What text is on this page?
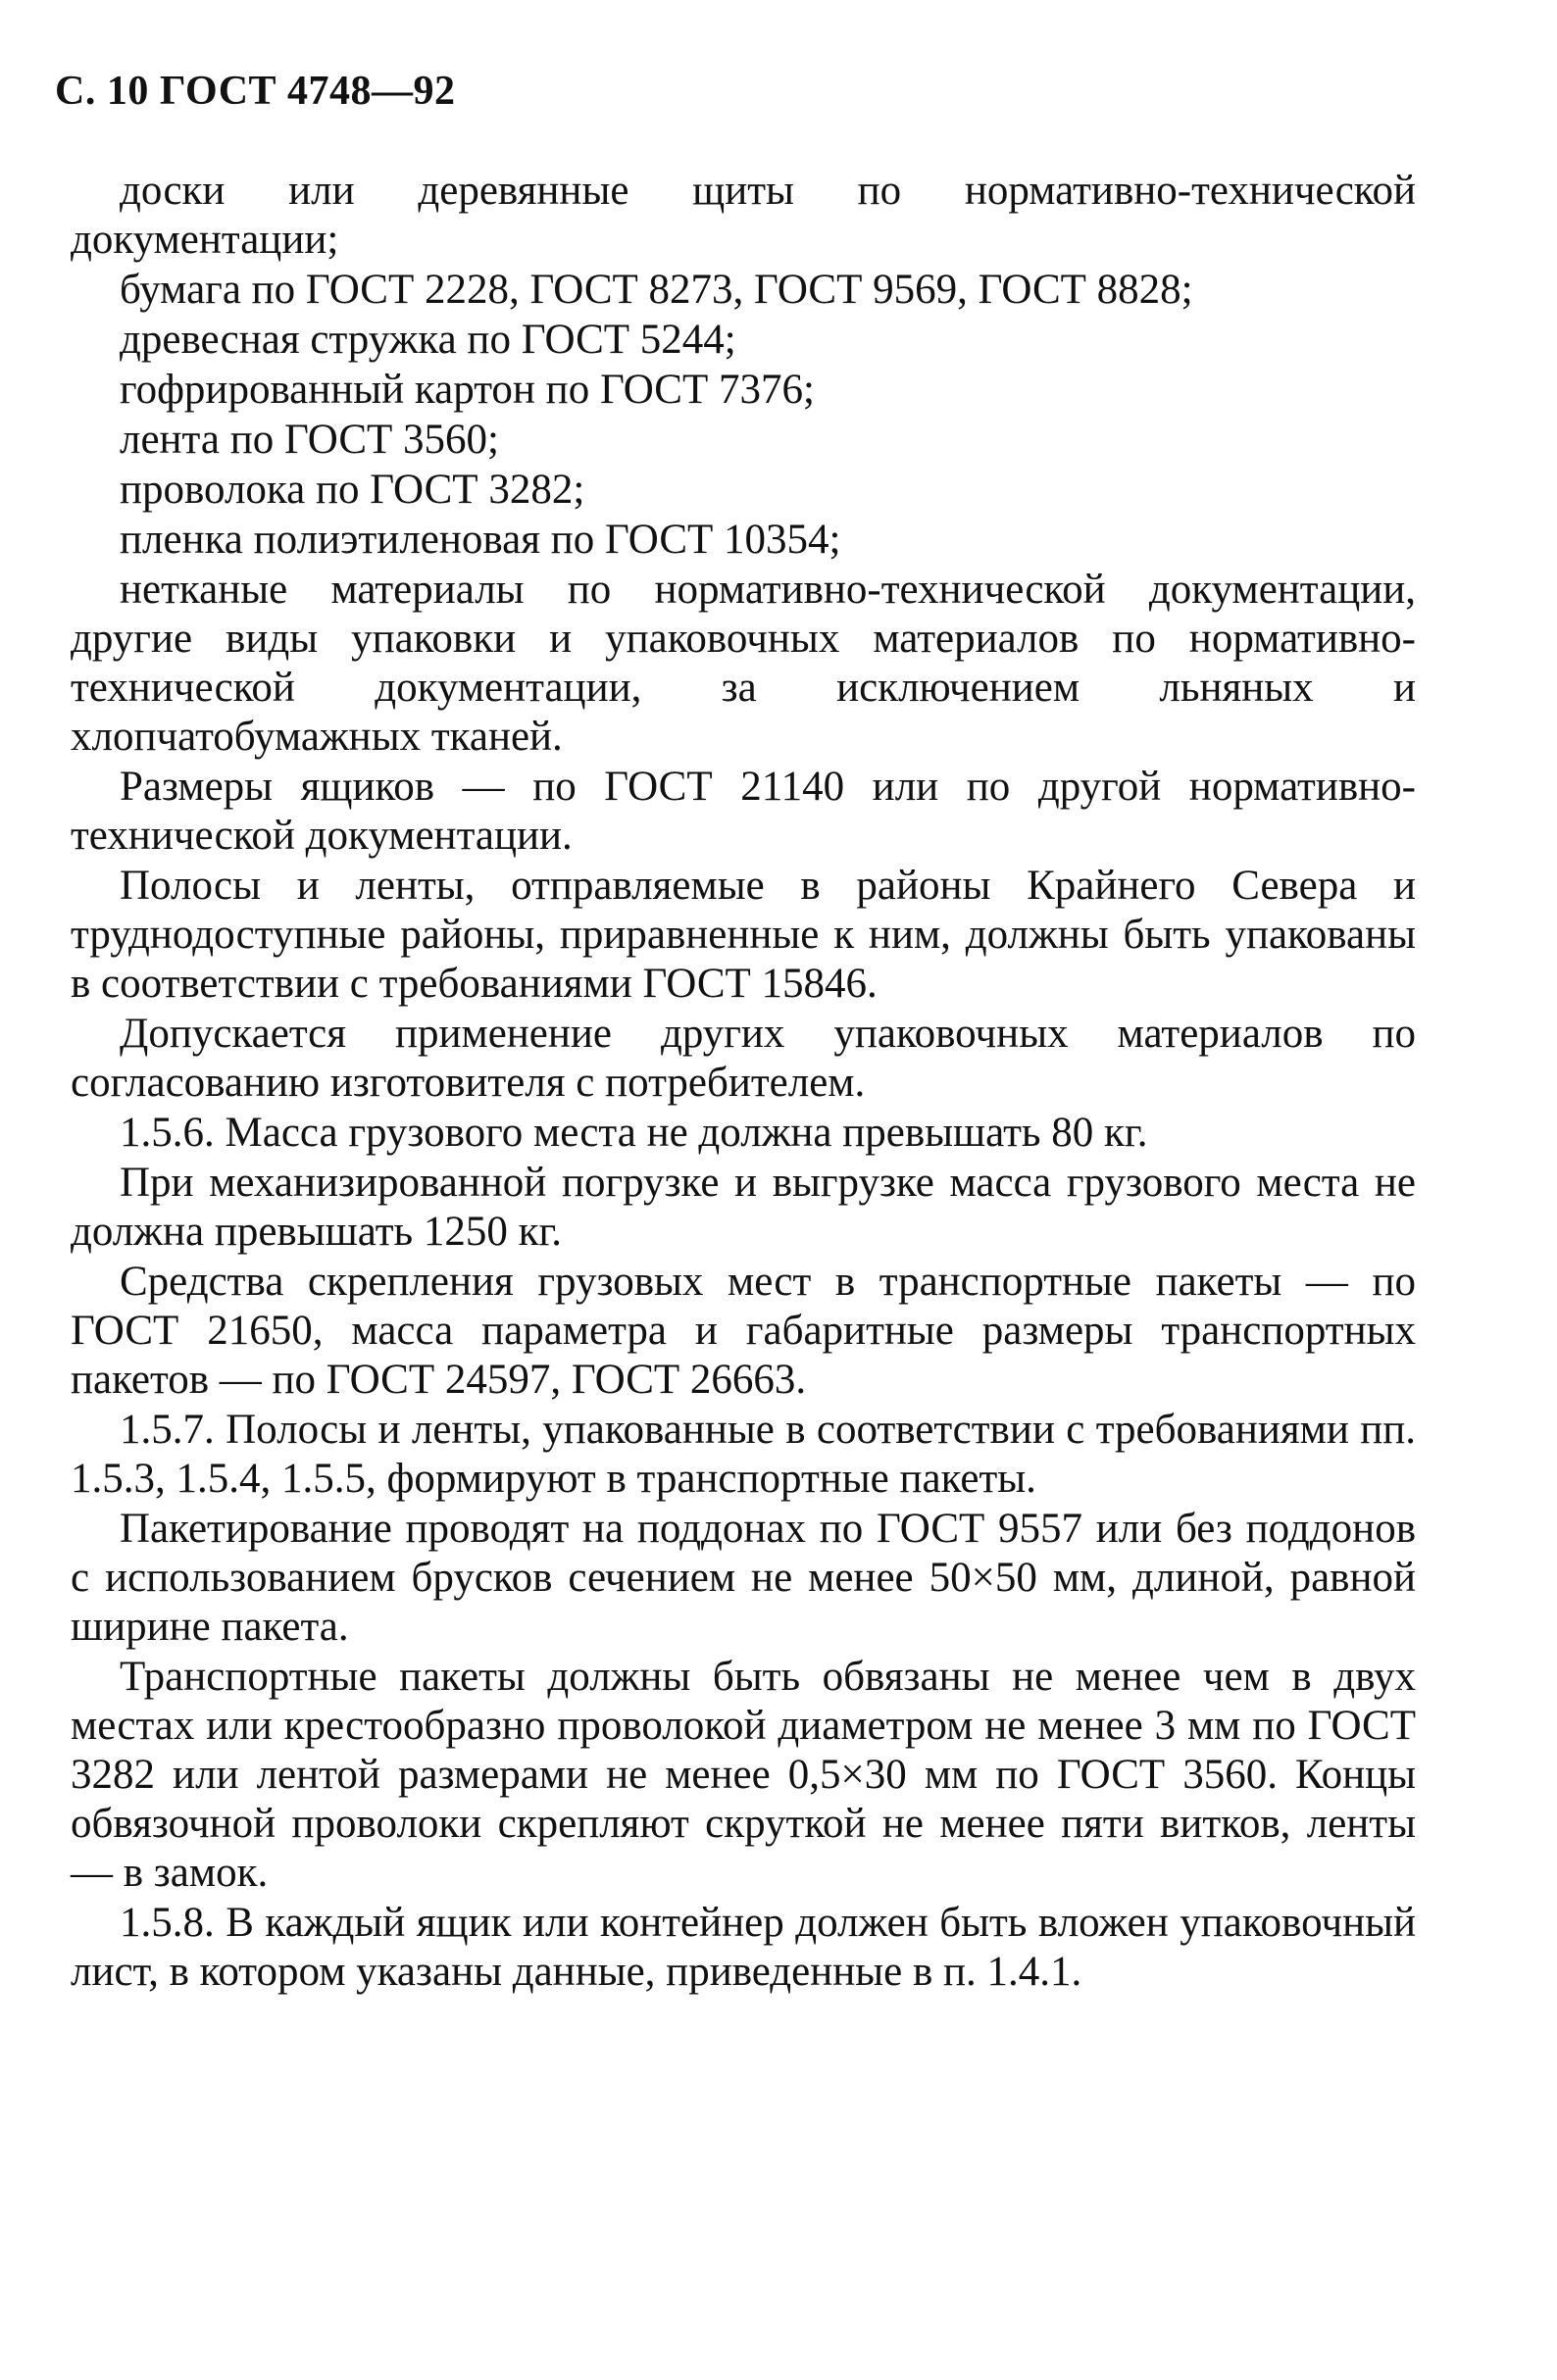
С. 10 ГОСТ 4748—92

доски или деревянные щиты по нормативно-технической документации;

бумага по ГОСТ 2228, ГОСТ 8273, ГОСТ 9569, ГОСТ 8828;

древесная стружка по ГОСТ 5244;

гофрированный картон по ГОСТ 7376;

лента по ГОСТ 3560;

проволока по ГОСТ 3282;

пленка полиэтиленовая по ГОСТ 10354;

нетканые материалы по нормативно-технической документации, другие виды упаковки и упаковочных материалов по нормативно-технической документации, за исключением льняных и хлопчатобумажных тканей.

Размеры ящиков — по ГОСТ 21140 или по другой нормативно-технической документации.

Полосы и ленты, отправляемые в районы Крайнего Севера и труднодоступные районы, приравненные к ним, должны быть упакованы в соответствии с требованиями ГОСТ 15846.

Допускается применение других упаковочных материалов по согласованию изготовителя с потребителем.

1.5.6. Масса грузового места не должна превышать 80 кг.

При механизированной погрузке и выгрузке масса грузового места не должна превышать 1250 кг.

Средства скрепления грузовых мест в транспортные пакеты — по ГОСТ 21650, масса параметра и габаритные размеры транспортных пакетов — по ГОСТ 24597, ГОСТ 26663.

1.5.7. Полосы и ленты, упакованные в соответствии с требованиями пп. 1.5.3, 1.5.4, 1.5.5, формируют в транспортные пакеты.

Пакетирование проводят на поддонах по ГОСТ 9557 или без поддонов с использованием брусков сечением не менее 50×50 мм, длиной, равной ширине пакета.

Транспортные пакеты должны быть обвязаны не менее чем в двух местах или крестообразно проволокой диаметром не менее 3 мм по ГОСТ 3282 или лентой размерами не менее 0,5×30 мм по ГОСТ 3560. Концы обвязочной проволоки скрепляют скруткой не менее пяти витков, ленты — в замок.

1.5.8. В каждый ящик или контейнер должен быть вложен упаковочный лист, в котором указаны данные, приведенные в п. 1.4.1.
